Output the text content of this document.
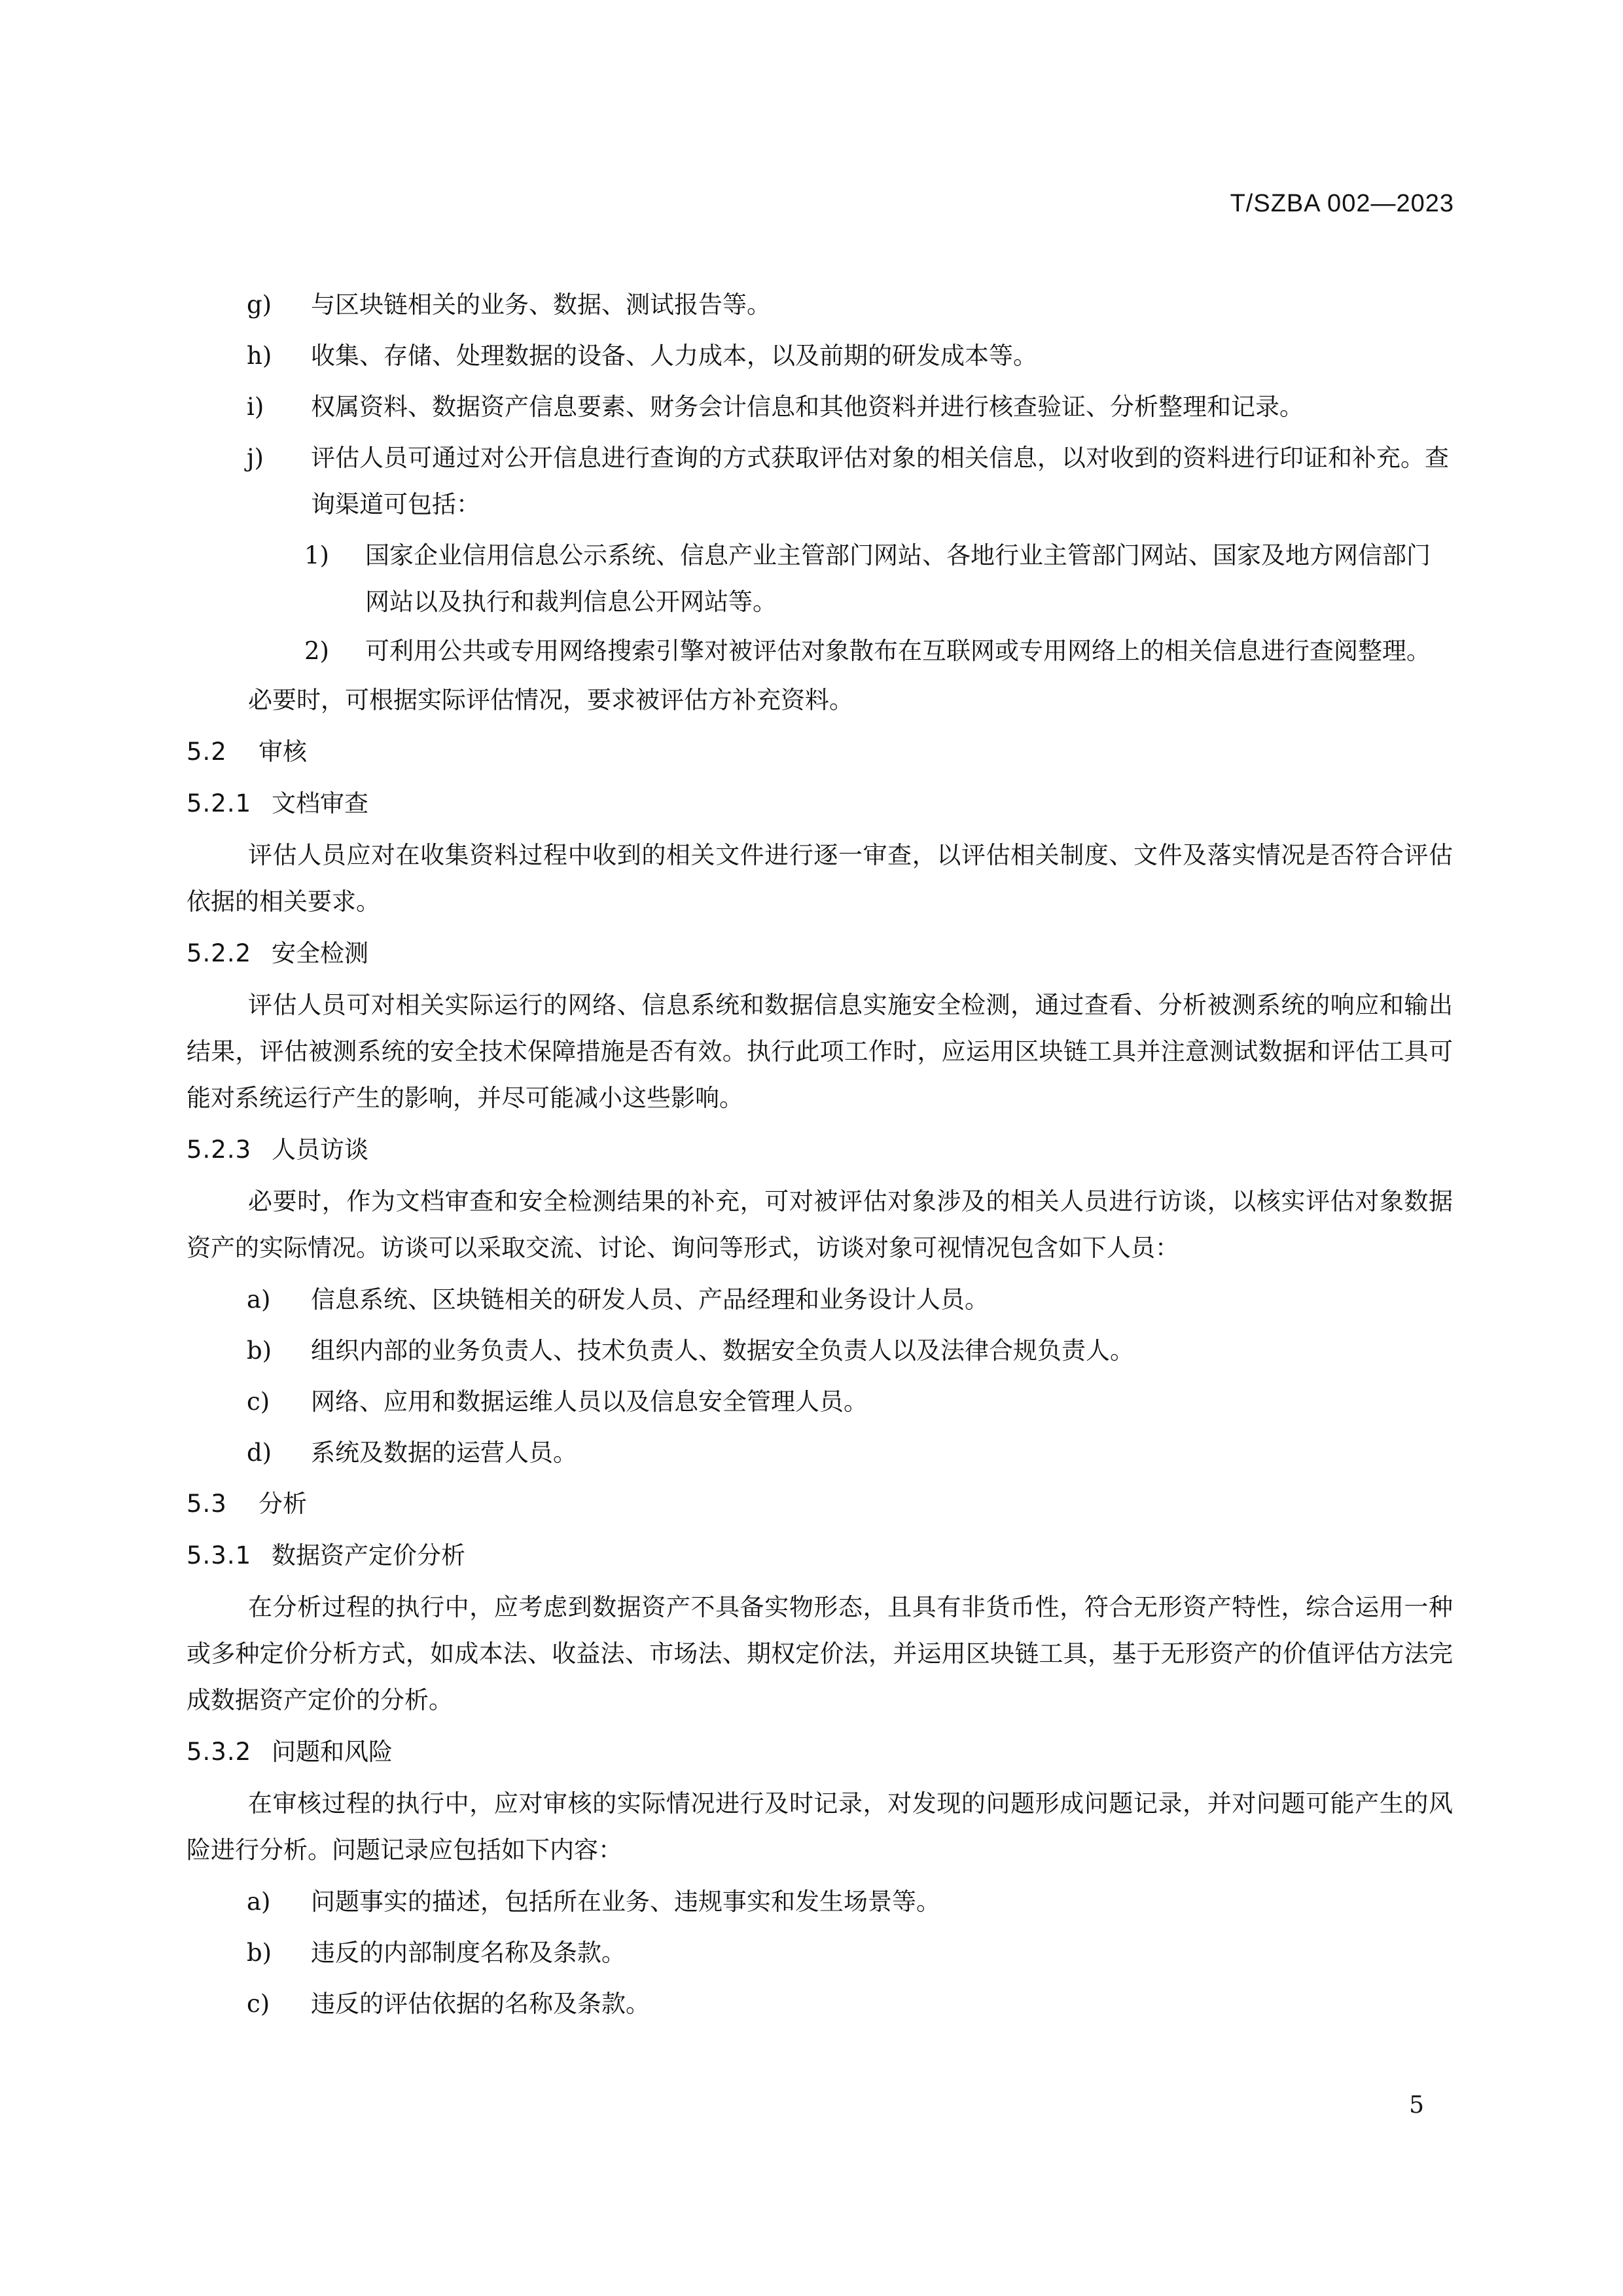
T/SZBA 002—2023
g) 与区块链相关的业务、数据、测试报告等。
h) 收集、存储、处理数据的设备、人力成本，以及前期的研发成本等。
i) 权属资料、数据资产信息要素、财务会计信息和其他资料并进行核查验证、分析整理和记录。
j) 评估人员可通过对公开信息进行查询的方式获取评估对象的相关信息，以对收到的资料进行印证和补充。查询渠道可包括：
1) 国家企业信用信息公示系统、信息产业主管部门网站、各地行业主管部门网站、国家及地方网信部门网站以及执行和裁判信息公开网站等。
2) 可利用公共或专用网络搜索引擎对被评估对象散布在互联网或专用网络上的相关信息进行查阅整理。
必要时，可根据实际评估情况，要求被评估方补充资料。
5.2 审核
5.2.1 文档审查
评估人员应对在收集资料过程中收到的相关文件进行逐一审查，以评估相关制度、文件及落实情况是否符合评估依据的相关要求。
5.2.2 安全检测
评估人员可对相关实际运行的网络、信息系统和数据信息实施安全检测，通过查看、分析被测系统的响应和输出结果，评估被测系统的安全技术保障措施是否有效。执行此项工作时，应运用区块链工具并注意测试数据和评估工具可能对系统运行产生的影响，并尽可能减小这些影响。
5.2.3 人员访谈
必要时，作为文档审查和安全检测结果的补充，可对被评估对象涉及的相关人员进行访谈，以核实评估对象数据资产的实际情况。访谈可以采取交流、讨论、询问等形式，访谈对象可视情况包含如下人员：
a) 信息系统、区块链相关的研发人员、产品经理和业务设计人员。
b) 组织内部的业务负责人、技术负责人、数据安全负责人以及法律合规负责人。
c) 网络、应用和数据运维人员以及信息安全管理人员。
d) 系统及数据的运营人员。
5.3 分析
5.3.1 数据资产定价分析
在分析过程的执行中，应考虑到数据资产不具备实物形态，且具有非货币性，符合无形资产特性，综合运用一种或多种定价分析方式，如成本法、收益法、市场法、期权定价法，并运用区块链工具，基于无形资产的价值评估方法完成数据资产定价的分析。
5.3.2 问题和风险
在审核过程的执行中，应对审核的实际情况进行及时记录，对发现的问题形成问题记录，并对问题可能产生的风险进行分析。问题记录应包括如下内容：
a) 问题事实的描述，包括所在业务、违规事实和发生场景等。
b) 违反的内部制度名称及条款。
c) 违反的评估依据的名称及条款。
5
